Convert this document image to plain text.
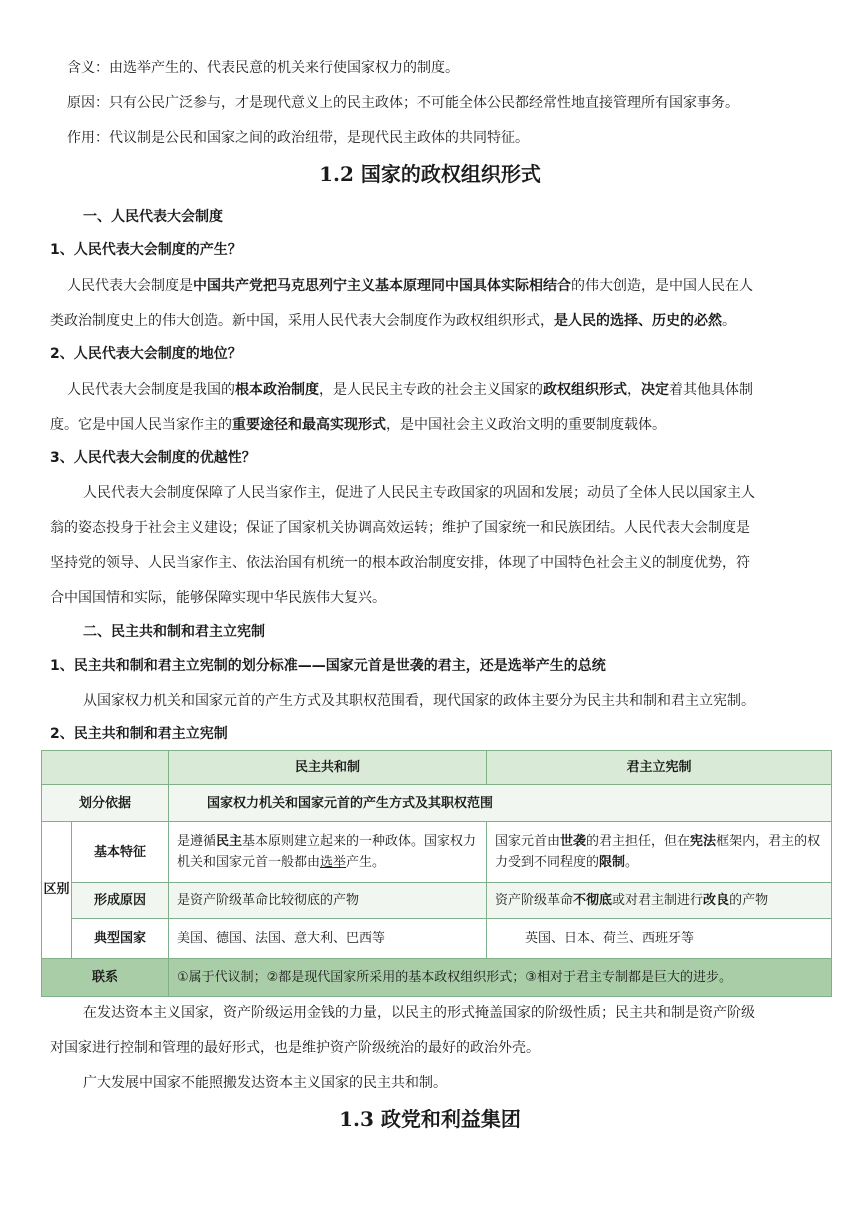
含义：由选举产生的、代表民意的机关来行使国家权力的制度。
原因：只有公民广泛参与，才是现代意义上的民主政体；不可能全体公民都经常性地直接管理所有国家事务。
作用：代议制是公民和国家之间的政治纽带，是现代民主政体的共同特征。
1.2 国家的政权组织形式
一、人民代表大会制度
1、人民代表大会制度的产生？
人民代表大会制度是中国共产党把马克思列宁主义基本原理同中国具体实际相结合的伟大创造，是中国人民在人
类政治制度史上的伟大创造。新中国，采用人民代表大会制度作为政权组织形式，是人民的选择、历史的必然。
2、人民代表大会制度的地位？
人民代表大会制度是我国的根本政治制度，是人民民主专政的社会主义国家的政权组织形式，决定着其他具体制
度。它是中国人民当家作主的重要途径和最高实现形式，是中国社会主义政治文明的重要制度载体。
3、人民代表大会制度的优越性？
人民代表大会制度保障了人民当家作主，促进了人民民主专政国家的巩固和发展；动员了全体人民以国家主人
翁的姿态投身于社会主义建设；保证了国家机关协调高效运转；维护了国家统一和民族团结。人民代表大会制度是
坚持党的领导、人民当家作主、依法治国有机统一的根本政治制度安排，体现了中国特色社会主义的制度优势，符
合中国国情和实际，能够保障实现中华民族伟大复兴。
二、民主共和制和君主立宪制
1、民主共和制和君主立宪制的划分标准——国家元首是世袭的君主，还是选举产生的总统
从国家权力机关和国家元首的产生方式及其职权范围看，现代国家的政体主要分为民主共和制和君主立宪制。
2、民主共和制和君主立宪制
		民主共和制	君主立宪制
划分依据		国家权力机关和国家元首的产生方式及其职权范围	
区别	基本特征	是遵循民主基本原则建立起来的一种政体。国家权力机关和国家元首一般都由选举产生。	国家元首由世袭的君主担任，但在宪法框架内，君主的权力受到不同程度的限制。
	形成原因	是资产阶级革命比较彻底的产物	资产阶级革命不彻底或对君主制进行改良的产物
	典型国家	美国、德国、法国、意大利、巴西等	英国、日本、荷兰、西班牙等
联系		①属于代议制；②都是现代国家所采用的基本政权组织形式；③相对于君主专制都是巨大的进步。	
在发达资本主义国家，资产阶级运用金钱的力量，以民主的形式掩盖国家的阶级性质；民主共和制是资产阶级
对国家进行控制和管理的最好形式，也是维护资产阶级统治的最好的政治外壳。
广大发展中国家不能照搬发达资本主义国家的民主共和制。
1.3 政党和利益集团
